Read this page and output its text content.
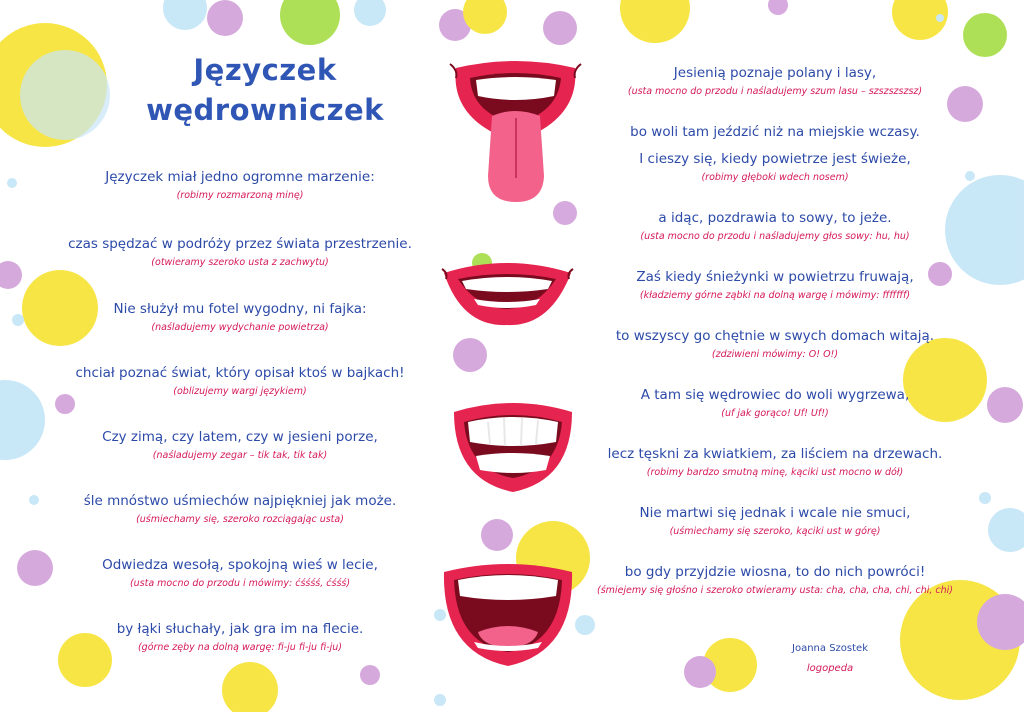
Języczek
wędrowniczek
Języczek miał jedno ogromne marzenie:
(robimy rozmarzoną minę)
czas spędzać w podróży przez świata przestrzenie.
(otwieramy szeroko usta z zachwytu)
Nie służył mu fotel wygodny, ni fajka:
(naśladujemy wydychanie powietrza)
chciał poznać świat, który opisał ktoś w bajkach!
(oblizujemy wargi językiem)
Czy zimą, czy latem, czy w jesieni porze,
(naśladujemy zegar – tik tak, tik tak)
śle mnóstwo uśmiechów najpiękniej jak może.
(uśmiechamy się, szeroko rozciągając usta)
Odwiedza wesołą, spokojną wieś w lecie,
(usta mocno do przodu i mówimy: ćśśśś, ćśśś)
by łąki słuchały, jak gra im na flecie.
(górne zęby na dolną wargę: fi-ju fi-ju fi-ju)
Jesienią poznaje polany i lasy,
(usta mocno do przodu i naśladujemy szum lasu – szszszszsz)
bo woli tam jeździć niż na miejskie wczasy.
I cieszy się, kiedy powietrze jest świeże,
(robimy głęboki wdech nosem)
a idąc, pozdrawia to sowy, to jeże.
(usta mocno do przodu i naśladujemy głos sowy: hu, hu)
Zaś kiedy śnieżynki w powietrzu fruwają,
(kładziemy górne ząbki na dolną wargę i mówimy: fffffff)
to wszyscy go chętnie w swych domach witają.
(zdziwieni mówimy: O! O!)
A tam się wędrowiec do woli wygrzewa,
(uf jak gorąco! Uf! Uf!)
lecz tęskni za kwiatkiem, za liściem na drzewach.
(robimy bardzo smutną minę, kąciki ust mocno w dół)
Nie martwi się jednak i wcale nie smuci,
(uśmiechamy się szeroko, kąciki ust w górę)
bo gdy przyjdzie wiosna, to do nich powróci!
(śmiejemy się głośno i szeroko otwieramy usta: cha, cha, cha, chi, chi, chi)
Joanna Szostek
logopeda
